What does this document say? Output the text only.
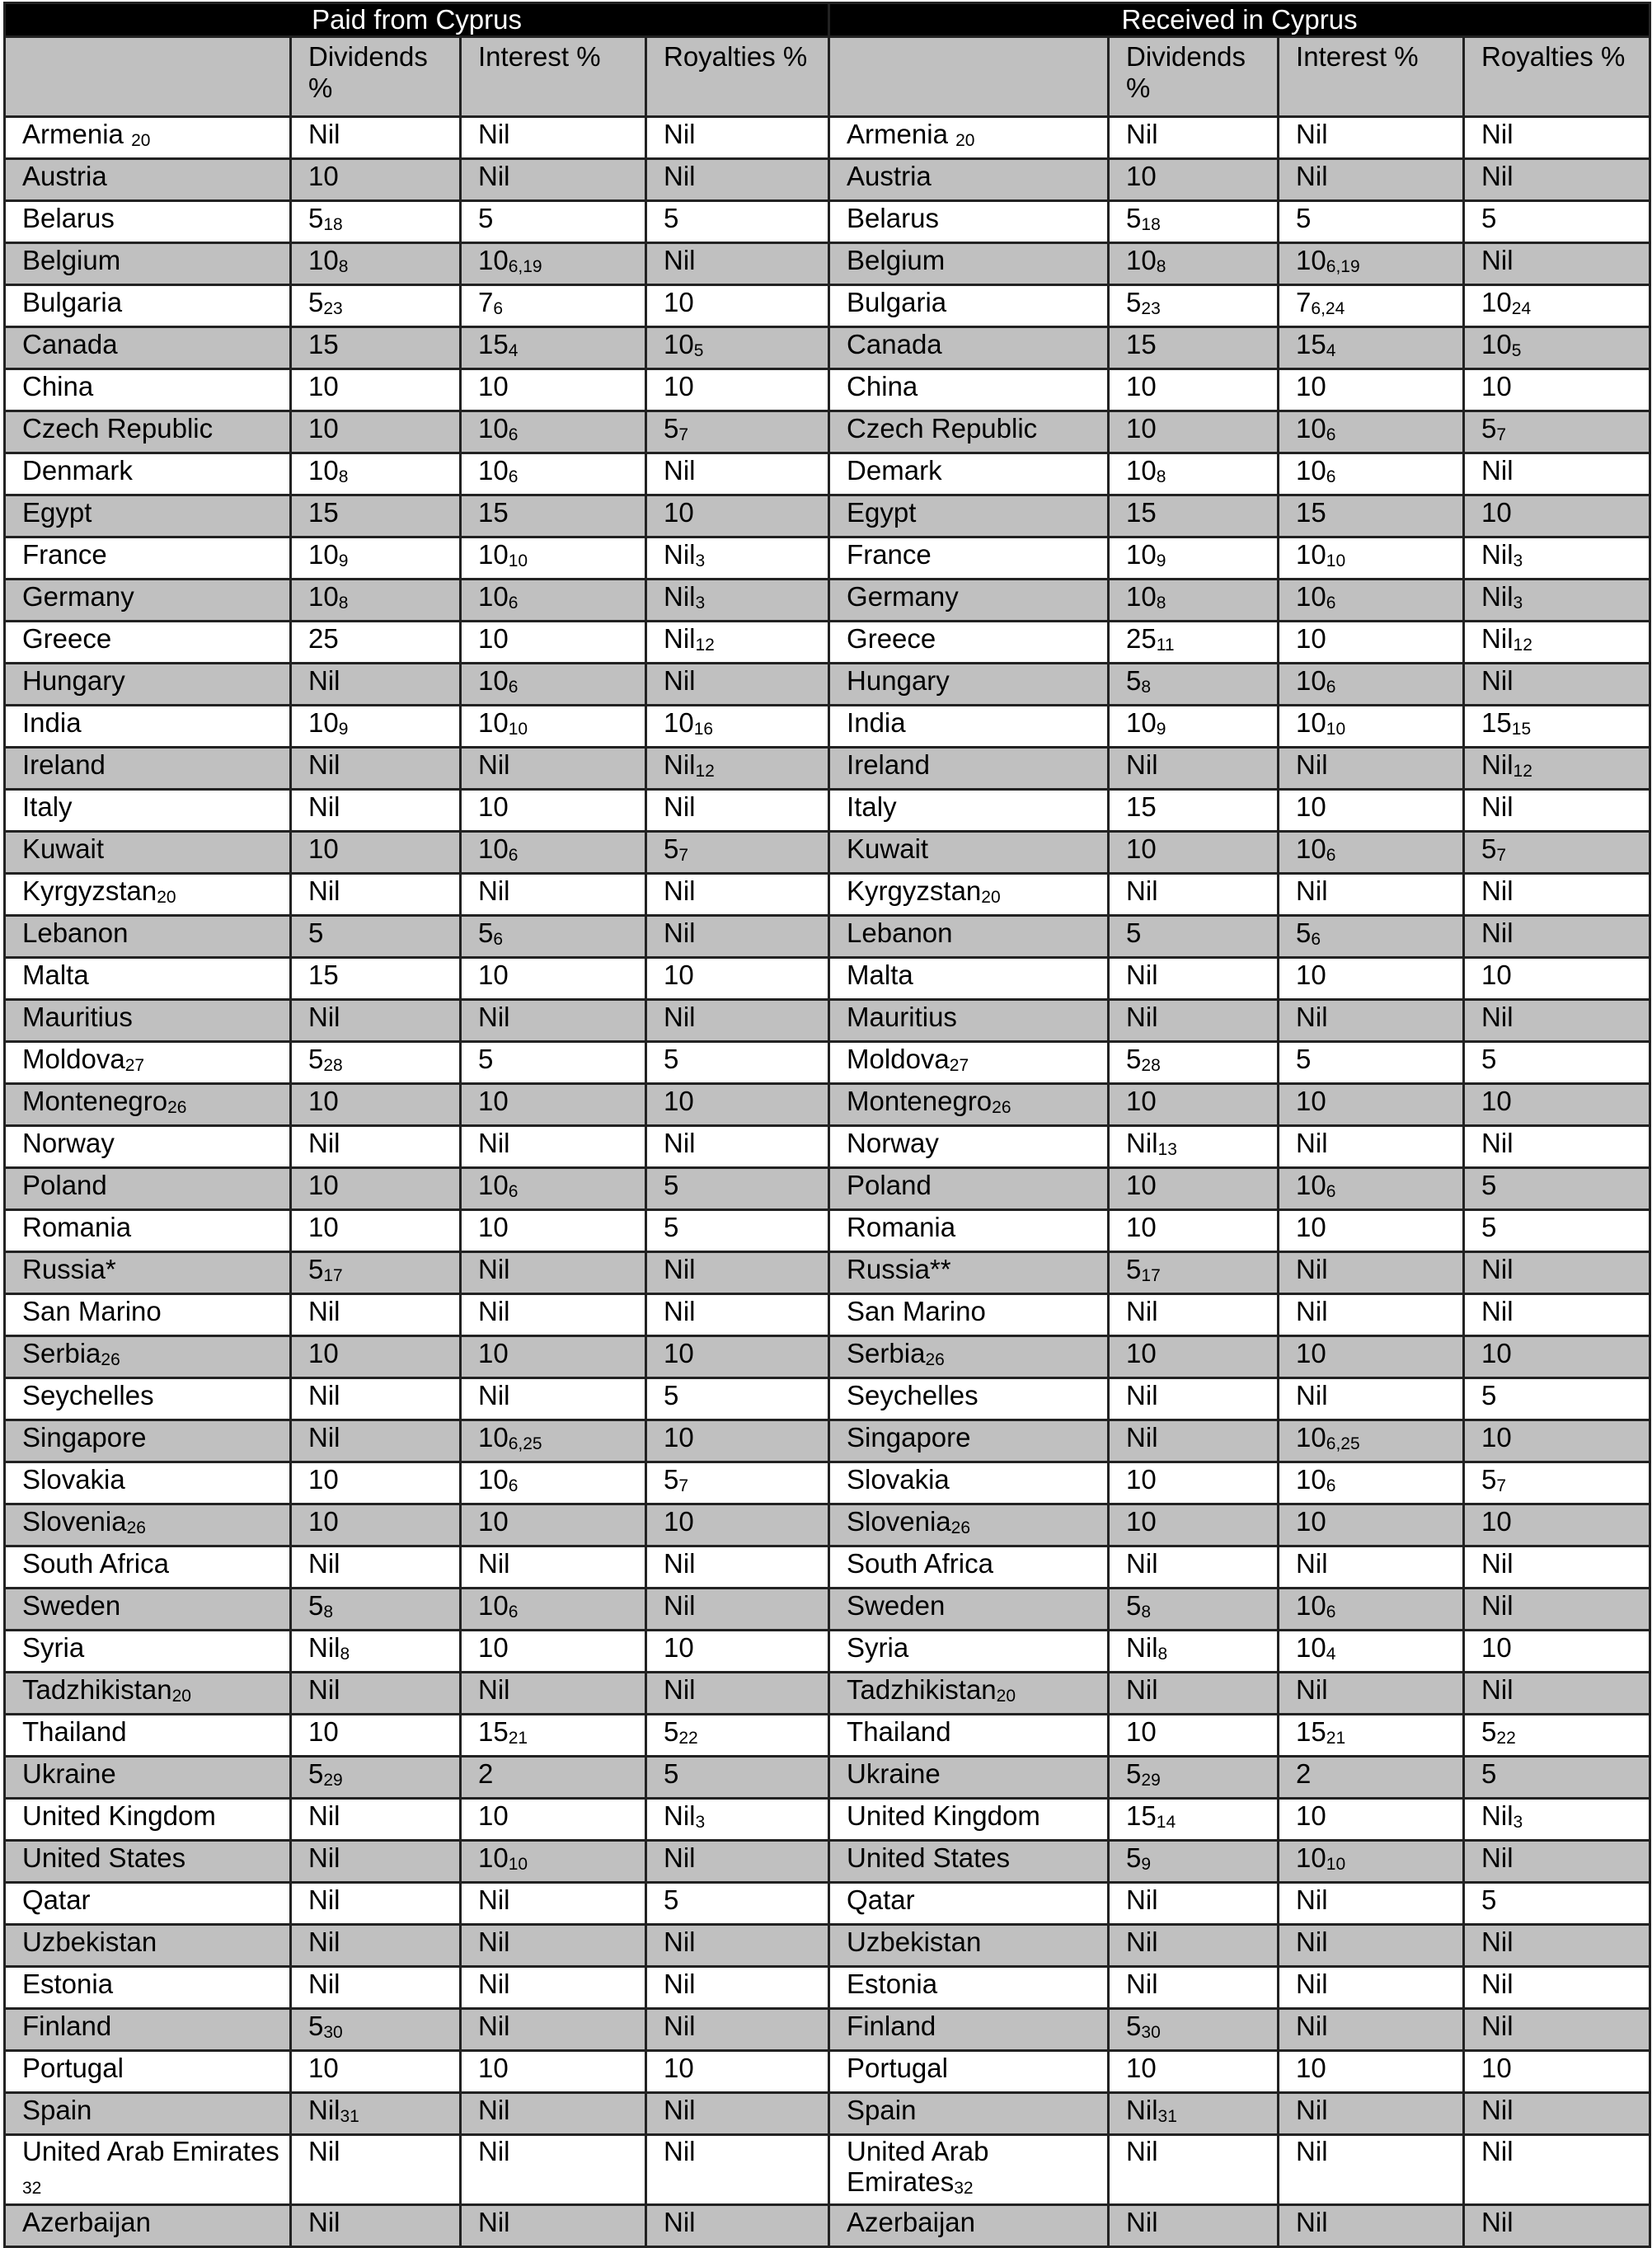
Paid from Cyprus				Received in Cyprus			
	Dividends %	Interest %	Royalties %		Dividends %	Interest %	Royalties %
Armenia 20	Nil	Nil	Nil	Armenia 20	Nil	Nil	Nil
Austria	10	Nil	Nil	Austria	10	Nil	Nil
Belarus	518	5	5	Belarus	518	5	5
Belgium	108	106,19	Nil	Belgium	108	106,19	Nil
Bulgaria	523	76	10	Bulgaria	523	76,24	1024
Canada	15	154	105	Canada	15	154	105
China	10	10	10	China	10	10	10
Czech Republic	10	106	57	Czech Republic	10	106	57
Denmark	108	106	Nil	Demark	108	106	Nil
Egypt	15	15	10	Egypt	15	15	10
France	109	1010	Nil3	France	109	1010	Nil3
Germany	108	106	Nil3	Germany	108	106	Nil3
Greece	25	10	Nil12	Greece	2511	10	Nil12
Hungary	Nil	106	Nil	Hungary	58	106	Nil
India	109	1010	1016	India	109	1010	1515
Ireland	Nil	Nil	Nil12	Ireland	Nil	Nil	Nil12
Italy	Nil	10	Nil	Italy	15	10	Nil
Kuwait	10	106	57	Kuwait	10	106	57
Kyrgyzstan20	Nil	Nil	Nil	Kyrgyzstan20	Nil	Nil	Nil
Lebanon	5	56	Nil	Lebanon	5	56	Nil
Malta	15	10	10	Malta	Nil	10	10
Mauritius	Nil	Nil	Nil	Mauritius	Nil	Nil	Nil
Moldova27	528	5	5	Moldova27	528	5	5
Montenegro26	10	10	10	Montenegro26	10	10	10
Norway	Nil	Nil	Nil	Norway	Nil13	Nil	Nil
Poland	10	106	5	Poland	10	106	5
Romania	10	10	5	Romania	10	10	5
Russia*	517	Nil	Nil	Russia**	517	Nil	Nil
San Marino	Nil	Nil	Nil	San Marino	Nil	Nil	Nil
Serbia26	10	10	10	Serbia26	10	10	10
Seychelles	Nil	Nil	5	Seychelles	Nil	Nil	5
Singapore	Nil	106,25	10	Singapore	Nil	106,25	10
Slovakia	10	106	57	Slovakia	10	106	57
Slovenia26	10	10	10	Slovenia26	10	10	10
South Africa	Nil	Nil	Nil	South Africa	Nil	Nil	Nil
Sweden	58	106	Nil	Sweden	58	106	Nil
Syria	Nil8	10	10	Syria	Nil8	104	10
Tadzhikistan20	Nil	Nil	Nil	Tadzhikistan20	Nil	Nil	Nil
Thailand	10	1521	522	Thailand	10	1521	522
Ukraine	529	2	5	Ukraine	529	2	5
United Kingdom	Nil	10	Nil3	United Kingdom	1514	10	Nil3
United States	Nil	1010	Nil	United States	59	1010	Nil
Qatar	Nil	Nil	5	Qatar	Nil	Nil	5
Uzbekistan	Nil	Nil	Nil	Uzbekistan	Nil	Nil	Nil
Estonia	Nil	Nil	Nil	Estonia	Nil	Nil	Nil
Finland	530	Nil	Nil	Finland	530	Nil	Nil
Portugal	10	10	10	Portugal	10	10	10
Spain	Nil31	Nil	Nil	Spain	Nil31	Nil	Nil
United Arab Emirates 32	Nil	Nil	Nil	United Arab Emirates32	Nil	Nil	Nil
Azerbaijan	Nil	Nil	Nil	Azerbaijan	Nil	Nil	Nil
